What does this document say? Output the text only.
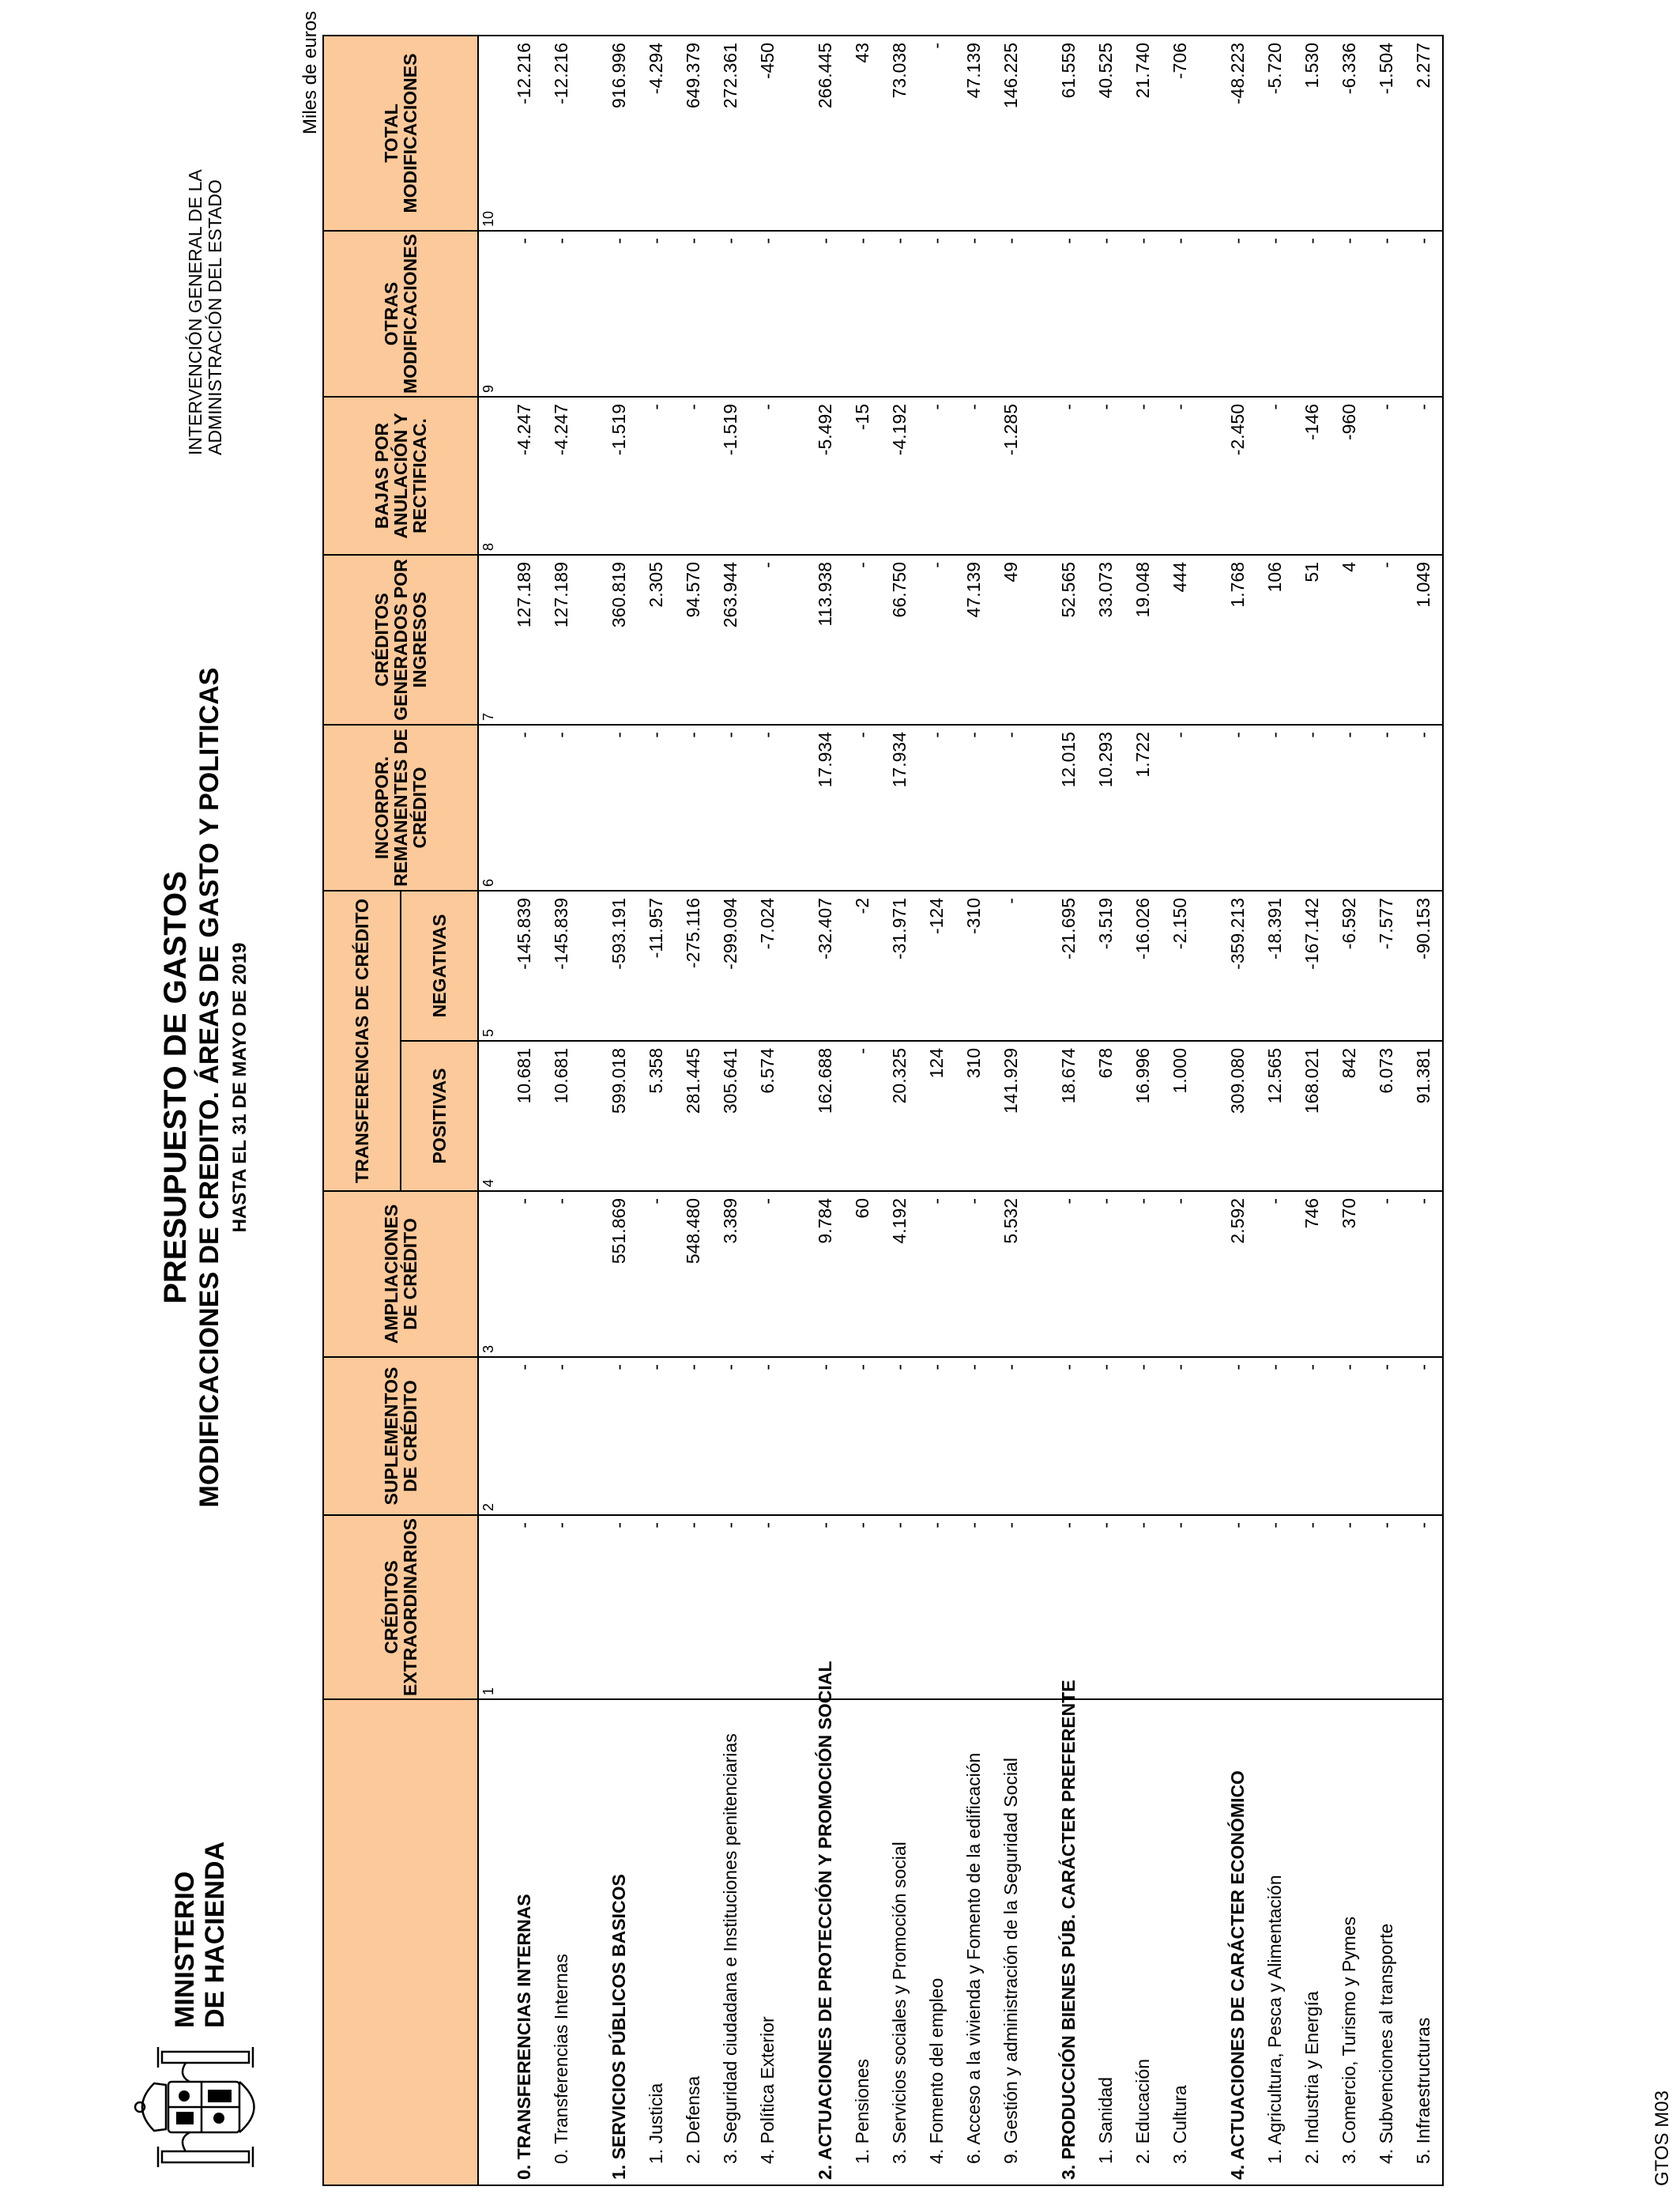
MINISTERIO DE HACIENDA
PRESUPUESTO DE GASTOS MODIFICACIONES DE CREDITO. ÁREAS DE GASTO Y POLITICAS HASTA EL 31 DE MAYO DE 2019
INTERVENCIÓN GENERAL DE LA ADMINISTRACIÓN DEL ESTADO
Miles de euros
	CRÉDITOS EXTRAORDINARIOS	SUPLEMENTOS DE CRÉDITO	AMPLIACIONES DE CRÉDITO	TRANSFERENCIAS DE CRÉDITO		INCORPOR. REMANENTES DE CRÉDITO	CRÉDITOS GENERADOS POR INGRESOS	BAJAS POR ANULACIÓN Y RECTIFICAC.	OTRAS MODIFICACIONES	TOTAL MODIFICACIONES
				POSITIVAS	NEGATIVAS					
	1	2	3	4	5	6	7	8	9	10
0. TRANSFERENCIAS INTERNAS	-	-	-	10.681	-145.839	-	127.189	-4.247	-	-12.216
0. Transferencias Internas	-	-	-	10.681	-145.839	-	127.189	-4.247	-	-12.216

1. SERVICIOS PÚBLICOS BASICOS	-	-	551.869	599.018	-593.191	-	360.819	-1.519	-	916.996
1. Justicia	-	-	-	5.358	-11.957	-	2.305	-	-	-4.294
2. Defensa	-	-	548.480	281.445	-275.116	-	94.570	-	-	649.379
3. Seguridad ciudadana e Instituciones penitenciarias	-	-	3.389	305.641	-299.094	-	263.944	-1.519	-	272.361
4. Política Exterior	-	-	-	6.574	-7.024	-	-	-	-	-450

2. ACTUACIONES DE PROTECCIÓN Y PROMOCIÓN SOCIAL	-	-	9.784	162.688	-32.407	17.934	113.938	-5.492	-	266.445
1. Pensiones	-	-	60	-	-2	-	-	-15	-	43
3. Servicios sociales y Promoción social	-	-	4.192	20.325	-31.971	17.934	66.750	-4.192	-	73.038
4. Fomento del empleo	-	-	-	124	-124	-	-	-	-	-
6. Acceso a la vivienda y Fomento de la edificación	-	-	-	310	-310	-	47.139	-	-	47.139
9. Gestión y administración de la Seguridad Social	-	-	5.532	141.929	-	-	49	-1.285	-	146.225

3. PRODUCCIÓN BIENES PÚB. CARÁCTER PREFERENTE	-	-	-	18.674	-21.695	12.015	52.565	-	-	61.559
1. Sanidad	-	-	-	678	-3.519	10.293	33.073	-	-	40.525
2. Educación	-	-	-	16.996	-16.026	1.722	19.048	-	-	21.740
3. Cultura	-	-	-	1.000	-2.150	-	444	-	-	-706

4. ACTUACIONES DE CARÁCTER ECONÓMICO	-	-	2.592	309.080	-359.213	-	1.768	-2.450	-	-48.223
1. Agricultura, Pesca y Alimentación	-	-	-	12.565	-18.391	-	106	-	-	-5.720
2. Industria y Energía	-	-	746	168.021	-167.142	-	51	-146	-	1.530
3. Comercio, Turismo y Pymes	-	-	370	842	-6.592	-	4	-960	-	-6.336
4. Subvenciones al transporte	-	-	-	6.073	-7.577	-	-	-	-	-1.504
5. Infraestructuras	-	-	-	91.381	-90.153	-	1.049	-	-	2.277
GTOS M03
